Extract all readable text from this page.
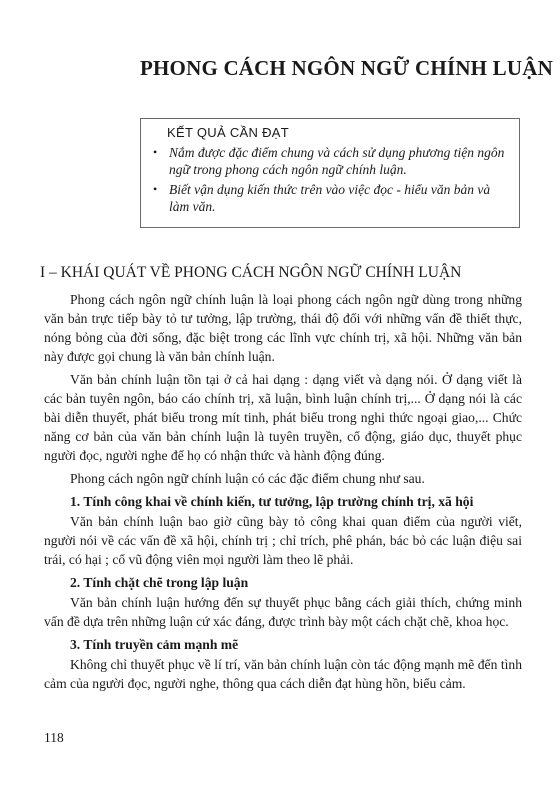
PHONG CÁCH NGÔN NGỮ CHÍNH LUẬN
KẾT QUẢ CẦN ĐẠT
• Nắm được đặc điểm chung và cách sử dụng phương tiện ngôn ngữ trong phong cách ngôn ngữ chính luận.
• Biết vận dụng kiến thức trên vào việc đọc - hiểu văn bản và làm văn.
I – KHÁI QUÁT VỀ PHONG CÁCH NGÔN NGỮ CHÍNH LUẬN

Phong cách ngôn ngữ chính luận là loại phong cách ngôn ngữ dùng trong những văn bản trực tiếp bày tỏ tư tưởng, lập trường, thái độ đối với những vấn đề thiết thực, nóng bỏng của đời sống, đặc biệt trong các lĩnh vực chính trị, xã hội. Những văn bản này được gọi chung là văn bản chính luận.

Văn bản chính luận tồn tại ở cả hai dạng : dạng viết và dạng nói. Ở dạng viết là các bản tuyên ngôn, báo cáo chính trị, xã luận, bình luận chính trị,... Ở dạng nói là các bài diễn thuyết, phát biểu trong mít tinh, phát biểu trong nghi thức ngoại giao,... Chức năng cơ bản của văn bản chính luận là tuyên truyền, cổ động, giáo dục, thuyết phục người đọc, người nghe để họ có nhận thức và hành động đúng.

Phong cách ngôn ngữ chính luận có các đặc điểm chung như sau.

1. Tính công khai về chính kiến, tư tưởng, lập trường chính trị, xã hội

Văn bản chính luận bao giờ cũng bày tỏ công khai quan điểm của người viết, người nói về các vấn đề xã hội, chính trị ; chỉ trích, phê phán, bác bỏ các luận điệu sai trái, có hại ; cổ vũ động viên mọi người làm theo lẽ phải.

2. Tính chặt chẽ trong lập luận

Văn bản chính luận hướng đến sự thuyết phục bằng cách giải thích, chứng minh vấn đề dựa trên những luận cứ xác đáng, được trình bày một cách chặt chẽ, khoa học.

3. Tính truyền cảm mạnh mẽ

Không chỉ thuyết phục về lí trí, văn bản chính luận còn tác động mạnh mẽ đến tình cảm của người đọc, người nghe, thông qua cách diễn đạt hùng hồn, biểu cảm.

118
